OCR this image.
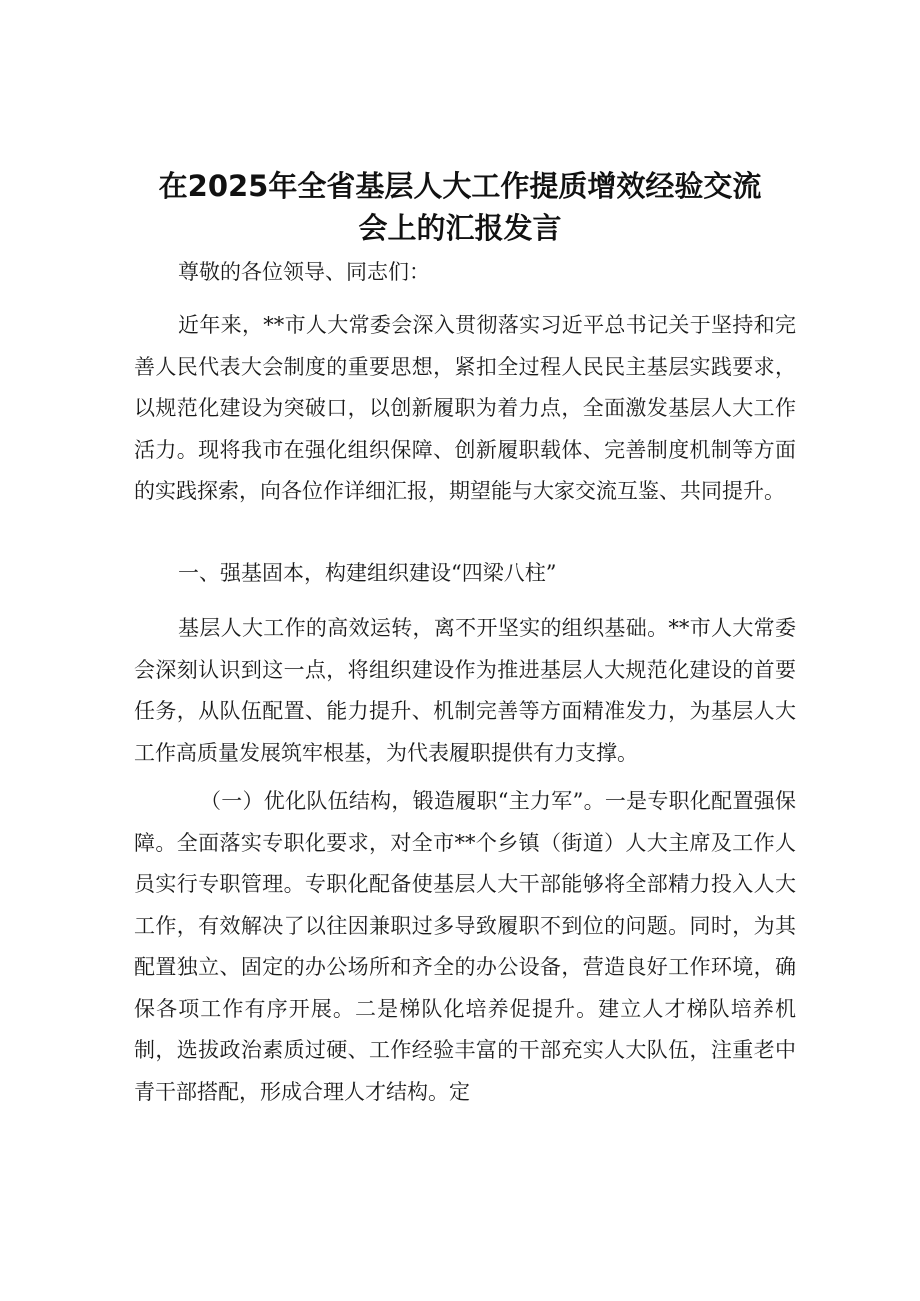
在2025年全省基层人大工作提质增效经验交流
会上的汇报发言
尊敬的各位领导、同志们：
近年来，**市人大常委会深入贯彻落实习近平总书记关于坚持和完善人民代表大会制度的重要思想，紧扣全过程人民民主基层实践要求，以规范化建设为突破口，以创新履职为着力点，全面激发基层人大工作活力。现将我市在强化组织保障、创新履职载体、完善制度机制等方面的实践探索，向各位作详细汇报，期望能与大家交流互鉴、共同提升。
一、强基固本，构建组织建设“四梁八柱”
基层人大工作的高效运转，离不开坚实的组织基础。**市人大常委会深刻认识到这一点，将组织建设作为推进基层人大规范化建设的首要任务，从队伍配置、能力提升、机制完善等方面精准发力，为基层人大工作高质量发展筑牢根基，为代表履职提供有力支撑。
（一）优化队伍结构，锻造履职“主力军”。一是专职化配置强保障。全面落实专职化要求，对全市**个乡镇（街道）人大主席及工作人员实行专职管理。专职化配备使基层人大干部能够将全部精力投入人大工作，有效解决了以往因兼职过多导致履职不到位的问题。同时，为其配置独立、固定的办公场所和齐全的办公设备，营造良好工作环境，确保各项工作有序开展。二是梯队化培养促提升。建立人才梯队培养机制，选拔政治素质过硬、工作经验丰富的干部充实人大队伍，注重老中青干部搭配，形成合理人才结构。定
